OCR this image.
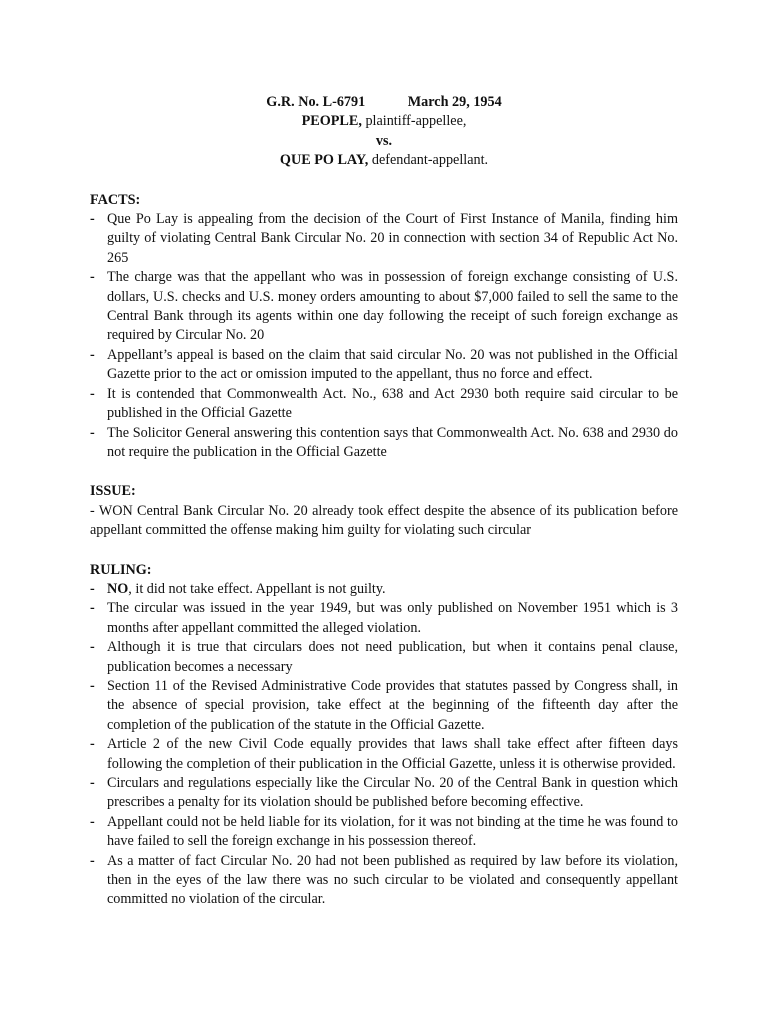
G.R. No. L-6791	March 29, 1954
PEOPLE, plaintiff-appellee,
vs.
QUE PO LAY, defendant-appellant.

FACTS:

- Que Po Lay is appealing from the decision of the Court of First Instance of Manila, finding him guilty of violating Central Bank Circular No. 20 in connection with section 34 of Republic Act No. 265
- The charge was that the appellant who was in possession of foreign exchange consisting of U.S. dollars, U.S. checks and U.S. money orders amounting to about $7,000 failed to sell the same to the Central Bank through its agents within one day following the receipt of such foreign exchange as required by Circular No. 20
- Appellant’s appeal is based on the claim that said circular No. 20 was not published in the Official Gazette prior to the act or omission imputed to the appellant, thus no force and effect.
- It is contended that Commonwealth Act. No., 638 and Act 2930 both require said circular to be published in the Official Gazette
- The Solicitor General answering this contention says that Commonwealth Act. No. 638 and 2930 do not require the publication in the Official Gazette

ISSUE:

- WON Central Bank Circular No. 20 already took effect despite the absence of its publication before appellant committed the offense making him guilty for violating such circular

RULING:

- NO, it did not take effect. Appellant is not guilty.
- The circular was issued in the year 1949, but was only published on November 1951 which is 3 months after appellant committed the alleged violation.
- Although it is true that circulars does not need publication, but when it contains penal clause, publication becomes a necessary
- Section 11 of the Revised Administrative Code provides that statutes passed by Congress shall, in the absence of special provision, take effect at the beginning of the fifteenth day after the completion of the publication of the statute in the Official Gazette.
- Article 2 of the new Civil Code equally provides that laws shall take effect after fifteen days following the completion of their publication in the Official Gazette, unless it is otherwise provided.
- Circulars and regulations especially like the Circular No. 20 of the Central Bank in question which prescribes a penalty for its violation should be published before becoming effective.
- Appellant could not be held liable for its violation, for it was not binding at the time he was found to have failed to sell the foreign exchange in his possession thereof.
- As a matter of fact Circular No. 20 had not been published as required by law before its violation, then in the eyes of the law there was no such circular to be violated and consequently appellant committed no violation of the circular.
